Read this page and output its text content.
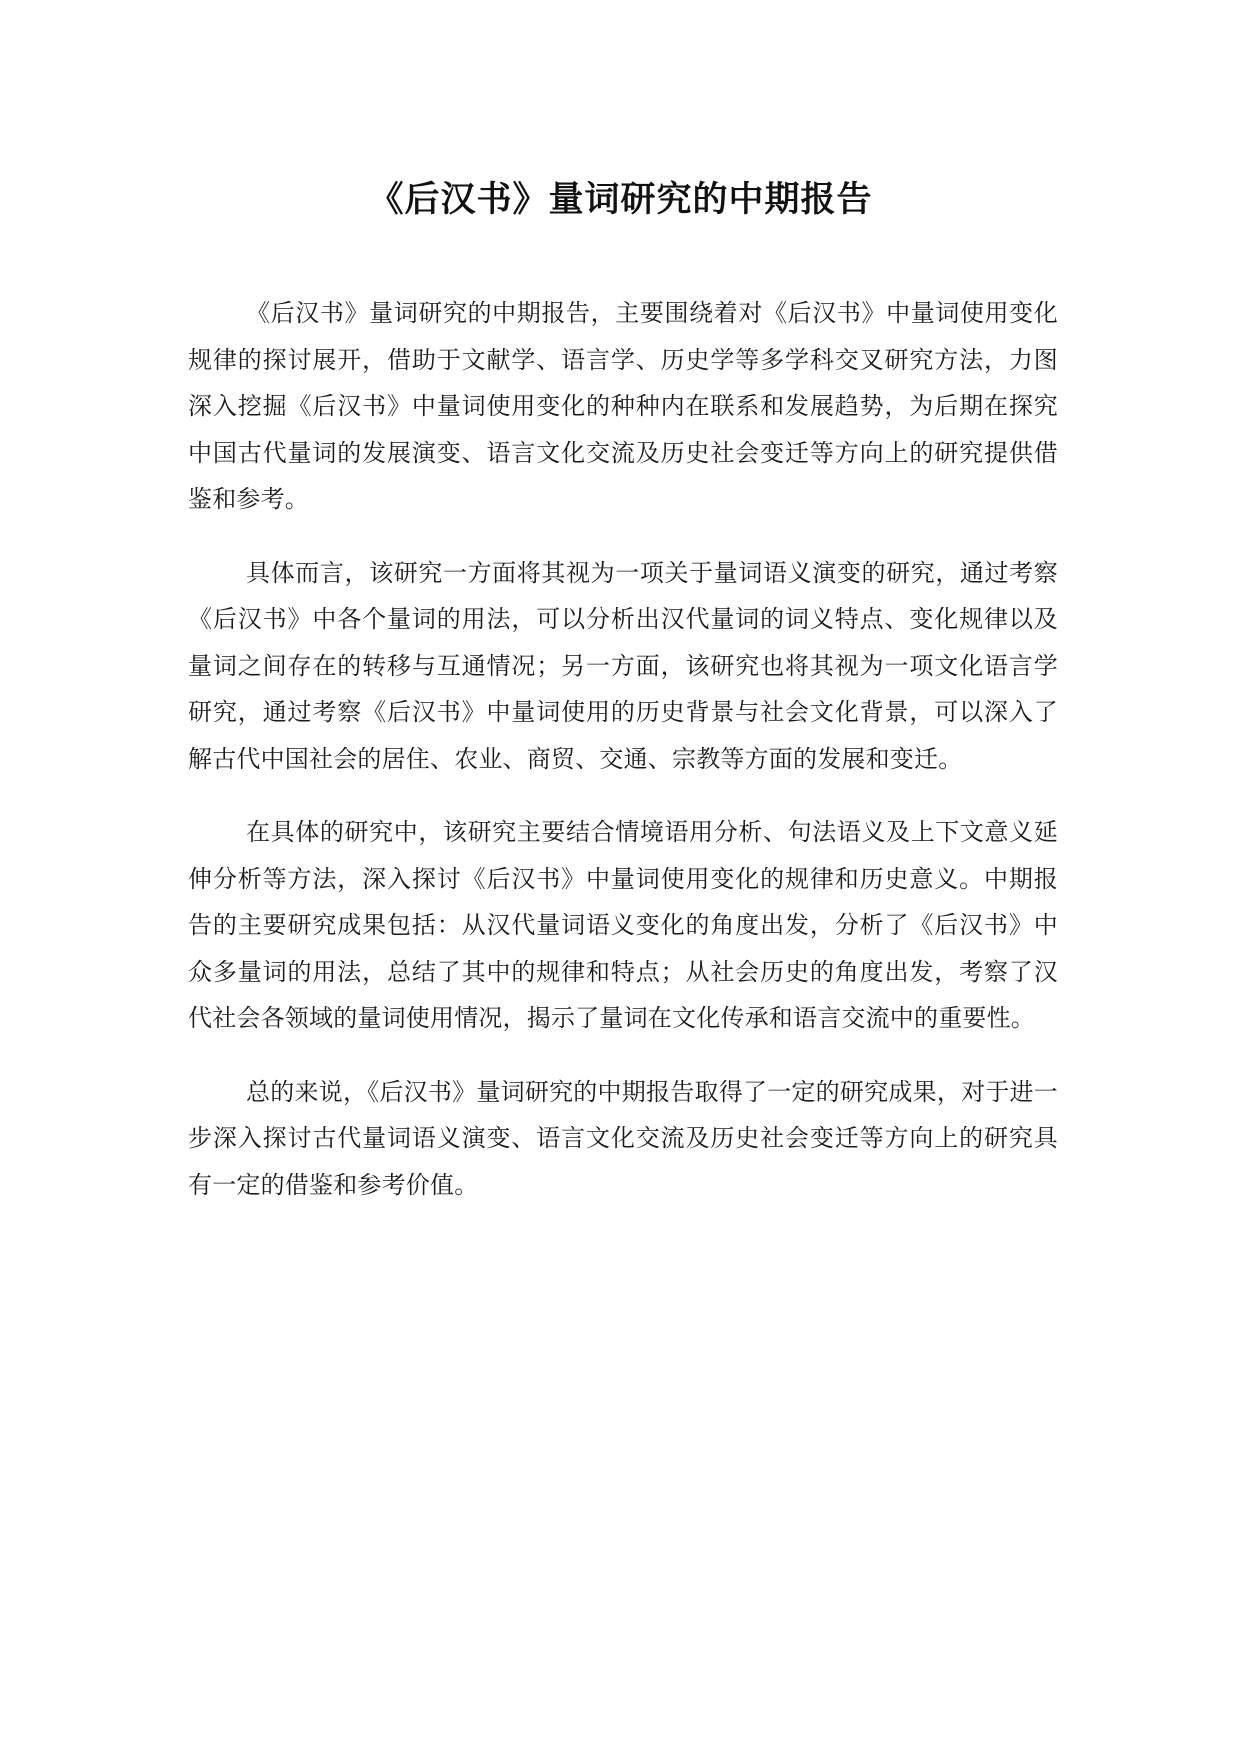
《后汉书》量词研究的中期报告

《后汉书》量词研究的中期报告，主要围绕着对《后汉书》中量词使用变化规律的探讨展开，借助于文献学、语言学、历史学等多学科交叉研究方法，力图深入挖掘《后汉书》中量词使用变化的种种内在联系和发展趋势，为后期在探究中国古代量词的发展演变、语言文化交流及历史社会变迁等方向上的研究提供借鉴和参考。

具体而言，该研究一方面将其视为一项关于量词语义演变的研究，通过考察《后汉书》中各个量词的用法，可以分析出汉代量词的词义特点、变化规律以及量词之间存在的转移与互通情况；另一方面，该研究也将其视为一项文化语言学研究，通过考察《后汉书》中量词使用的历史背景与社会文化背景，可以深入了解古代中国社会的居住、农业、商贸、交通、宗教等方面的发展和变迁。

在具体的研究中，该研究主要结合情境语用分析、句法语义及上下文意义延伸分析等方法，深入探讨《后汉书》中量词使用变化的规律和历史意义。中期报告的主要研究成果包括：从汉代量词语义变化的角度出发，分析了《后汉书》中众多量词的用法，总结了其中的规律和特点；从社会历史的角度出发，考察了汉代社会各领域的量词使用情况，揭示了量词在文化传承和语言交流中的重要性。

总的来说，《后汉书》量词研究的中期报告取得了一定的研究成果，对于进一步深入探讨古代量词语义演变、语言文化交流及历史社会变迁等方向上的研究具有一定的借鉴和参考价值。
